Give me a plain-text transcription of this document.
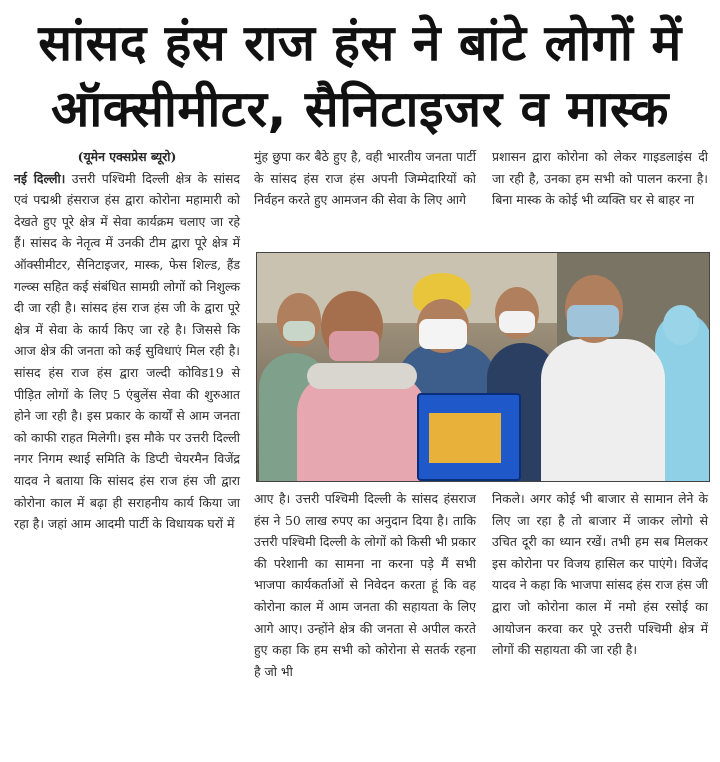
सांसद हंस राज हंस ने बांटे लोगों में
ऑक्सीमीटर, सैनिटाइजर व मास्क
(यूमेन एक्सप्रेस ब्यूरो)

नई दिल्ली। उत्तरी पश्चिमी दिल्ली क्षेत्र के सांसद एवं पद्मश्री हंसराज हंस द्वारा कोरोना महामारी को देखते हुए पूरे क्षेत्र में सेवा कार्यक्रम चलाए जा रहे हैं। सांसद के नेतृत्व में उनकी टीम द्वारा पूरे क्षेत्र में ऑक्सीमीटर, सैनिटाइजर, मास्क, फेस शिल्ड, हैंड गल्व्स सहित कई संबंधित सामग्री लोगों को निशुल्क दी जा रही है। सांसद हंस राज हंस जी के द्वारा पूरे क्षेत्र में सेवा के कार्य किए जा रहे है। जिससे कि आज क्षेत्र की जनता को कई सुविधाएं मिल रही है। सांसद हंस राज हंस द्वारा जल्दी कोविड19 से पीड़ित लोगों के लिए 5 एंबुलेंस सेवा की शुरुआत होने जा रही है। इस प्रकार के कार्यों से आम जनता को काफी राहत मिलेगी। इस मौके पर उत्तरी दिल्ली नगर निगम स्थाई समिति के डिप्टी चेयरमैन विजेंद्र यादव ने बताया कि सांसद हंस राज हंस जी द्वारा कोरोना काल में बढ़ा ही सराहनीय कार्य किया जा रहा है। जहां आम आदमी पार्टी के विधायक घरों में

मुंह छुपा कर बैठे हुए है, वही भारतीय जनता पार्टी के सांसद हंस राज हंस अपनी जिम्मेदारियों को निर्वहन करते हुए आमजन की सेवा के लिए आगे

प्रशासन द्वारा कोरोना को लेकर गाइडलाइंस दी जा रही है, उनका हम सभी को पालन करना है। बिना मास्क के कोई भी व्यक्ति घर से बाहर ना

आए है। उत्तरी पश्चिमी दिल्ली के सांसद हंसराज हंस ने 50 लाख रुपए का अनुदान दिया है। ताकि उत्तरी पश्चिमी दिल्ली के लोगों को किसी भी प्रकार की परेशानी का सामना ना करना पड़े मैं सभी भाजपा कार्यकर्ताओं से निवेदन करता हूं कि वह कोरोना काल में आम जनता की सहायता के लिए आगे आए। उन्होंने क्षेत्र की जनता से अपील करते हुए कहा कि हम सभी को कोरोना से सतर्क रहना है जो भी

निकले। अगर कोई भी बाजार से सामान लेने के लिए जा रहा है तो बाजार में जाकर लोगो से उचित दूरी का ध्यान रखें। तभी हम सब मिलकर इस कोरोना पर विजय हासिल कर पाएंगे। विजेंद यादव ने कहा कि भाजपा सांसद हंस राज हंस जी द्वारा जो कोरोना काल में नमो हंस रसोई का आयोजन करवा कर पूरे उत्तरी पश्चिमी क्षेत्र में लोगों की सहायता की जा रही है।
